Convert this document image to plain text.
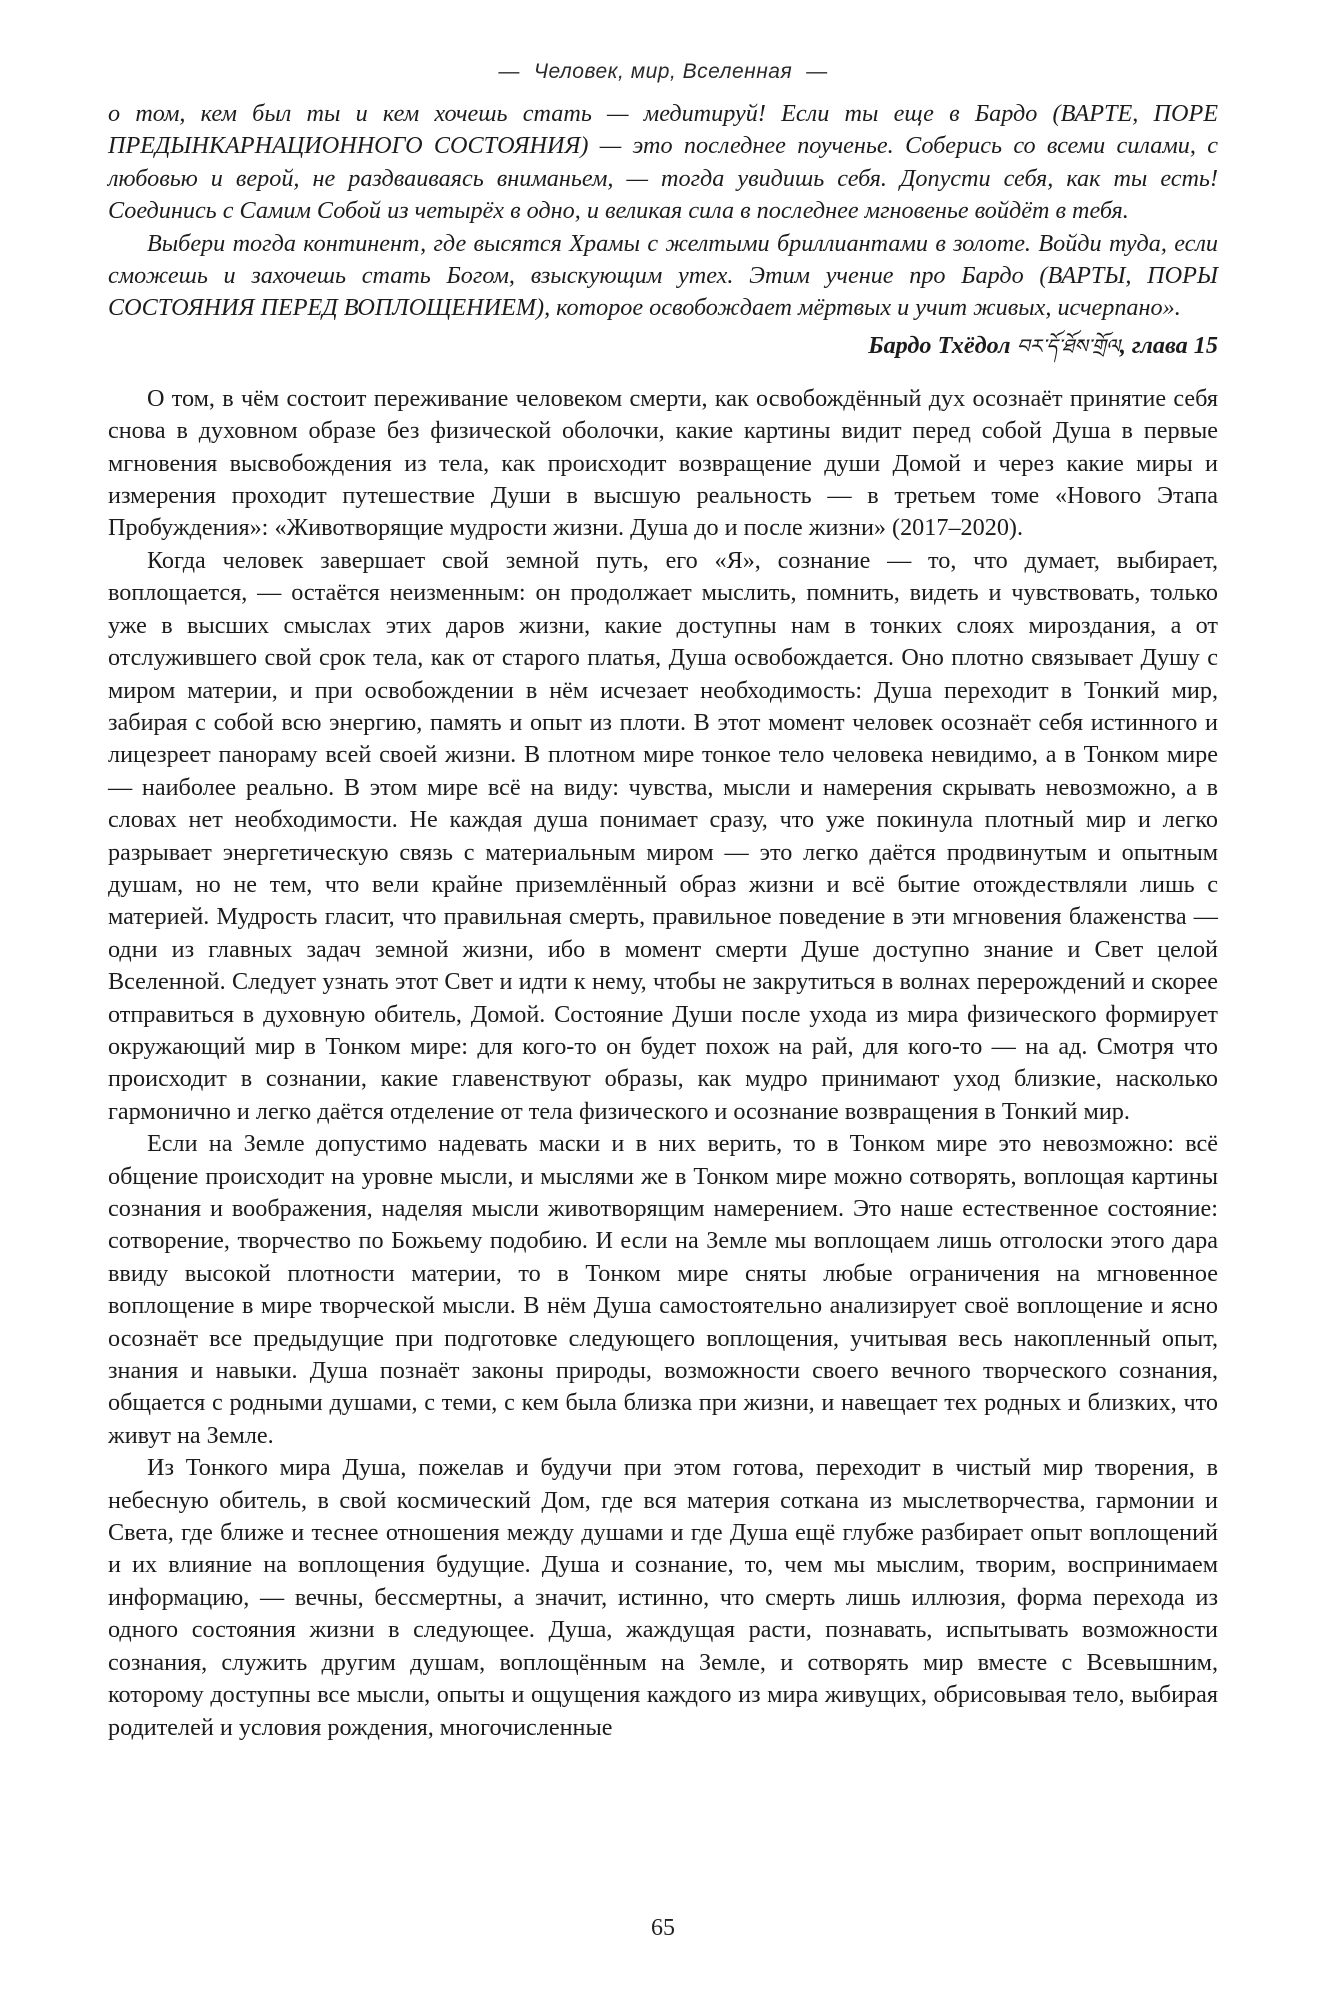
— Человек, мир, Вселенная —

о том, кем был ты и кем хочешь стать — медитируй! Если ты еще в Бардо (ВАРТЕ, ПОРЕ ПРЕДЫНКАРНАЦИОННОГО СОСТОЯНИЯ) — это последнее поученье. Соберись со всеми силами, с любовью и верой, не раздваиваясь вниманьем, — тогда увидишь себя. Допусти себя, как ты есть! Соединись с Самим Собой из четырёх в одно, и великая сила в последнее мгновенье войдёт в тебя.

Выбери тогда континент, где высятся Храмы с желтыми бриллиантами в золоте. Войди туда, если сможешь и захочешь стать Богом, взыскующим утех. Этим учение про Бардо (ВАРТЫ, ПОРЫ СОСТОЯНИЯ ПЕРЕД ВОПЛОЩЕНИЕМ), которое освобождает мёртвых и учит живых, исчерпано».

Бардо Тхёдол བར་དོ་ཐོས་གྲོལ, глава 15

О том, в чём состоит переживание человеком смерти, как освобождённый дух осознаёт принятие себя снова в духовном образе без физической оболочки, какие картины видит перед собой Душа в первые мгновения высвобождения из тела, как происходит возвращение души Домой и через какие миры и измерения проходит путешествие Души в высшую реальность — в третьем томе «Нового Этапа Пробуждения»: «Животворящие мудрости жизни. Душа до и после жизни» (2017–2020).

Когда человек завершает свой земной путь, его «Я», сознание — то, что думает, выбирает, воплощается, — остаётся неизменным: он продолжает мыслить, помнить, видеть и чувствовать, только уже в высших смыслах этих даров жизни, какие доступны нам в тонких слоях мироздания, а от отслужившего свой срок тела, как от старого платья, Душа освобождается. Оно плотно связывает Душу с миром материи, и при освобождении в нём исчезает необходимость: Душа переходит в Тонкий мир, забирая с собой всю энергию, память и опыт из плоти. В этот момент человек осознаёт себя истинного и лицезреет панораму всей своей жизни. В плотном мире тонкое тело человека невидимо, а в Тонком мире — наиболее реально. В этом мире всё на виду: чувства, мысли и намерения скрывать невозможно, а в словах нет необходимости. Не каждая душа понимает сразу, что уже покинула плотный мир и легко разрывает энергетическую связь с материальным миром — это легко даётся продвинутым и опытным душам, но не тем, что вели крайне приземлённый образ жизни и всё бытие отождествляли лишь с материей. Мудрость гласит, что правильная смерть, правильное поведение в эти мгновения блаженства — одни из главных задач земной жизни, ибо в момент смерти Душе доступно знание и Свет целой Вселенной. Следует узнать этот Свет и идти к нему, чтобы не закрутиться в волнах перерождений и скорее отправиться в духовную обитель, Домой. Состояние Души после ухода из мира физического формирует окружающий мир в Тонком мире: для кого-то он будет похож на рай, для кого-то — на ад. Смотря что происходит в сознании, какие главенствуют образы, как мудро принимают уход близкие, насколько гармонично и легко даётся отделение от тела физического и осознание возвращения в Тонкий мир.

Если на Земле допустимо надевать маски и в них верить, то в Тонком мире это невозможно: всё общение происходит на уровне мысли, и мыслями же в Тонком мире можно сотворять, воплощая картины сознания и воображения, наделяя мысли животворящим намерением. Это наше естественное состояние: сотворение, творчество по Божьему подобию. И если на Земле мы воплощаем лишь отголоски этого дара ввиду высокой плотности материи, то в Тонком мире сняты любые ограничения на мгновенное воплощение в мире творческой мысли. В нём Душа самостоятельно анализирует своё воплощение и ясно осознаёт все предыдущие при подготовке следующего воплощения, учитывая весь накопленный опыт, знания и навыки. Душа познаёт законы природы, возможности своего вечного творческого сознания, общается с родными душами, с теми, с кем была близка при жизни, и навещает тех родных и близких, что живут на Земле.

Из Тонкого мира Душа, пожелав и будучи при этом готова, переходит в чистый мир творения, в небесную обитель, в свой космический Дом, где вся материя соткана из мыслетворчества, гармонии и Света, где ближе и теснее отношения между душами и где Душа ещё глубже разбирает опыт воплощений и их влияние на воплощения будущие. Душа и сознание, то, чем мы мыслим, творим, воспринимаем информацию, — вечны, бессмертны, а значит, истинно, что смерть лишь иллюзия, форма перехода из одного состояния жизни в следующее. Душа, жаждущая расти, познавать, испытывать возможности сознания, служить другим душам, воплощённым на Земле, и сотворять мир вместе с Всевышним, которому доступны все мысли, опыты и ощущения каждого из мира живущих, обрисовывая тело, выбирая родителей и условия рождения, многочисленные

65
